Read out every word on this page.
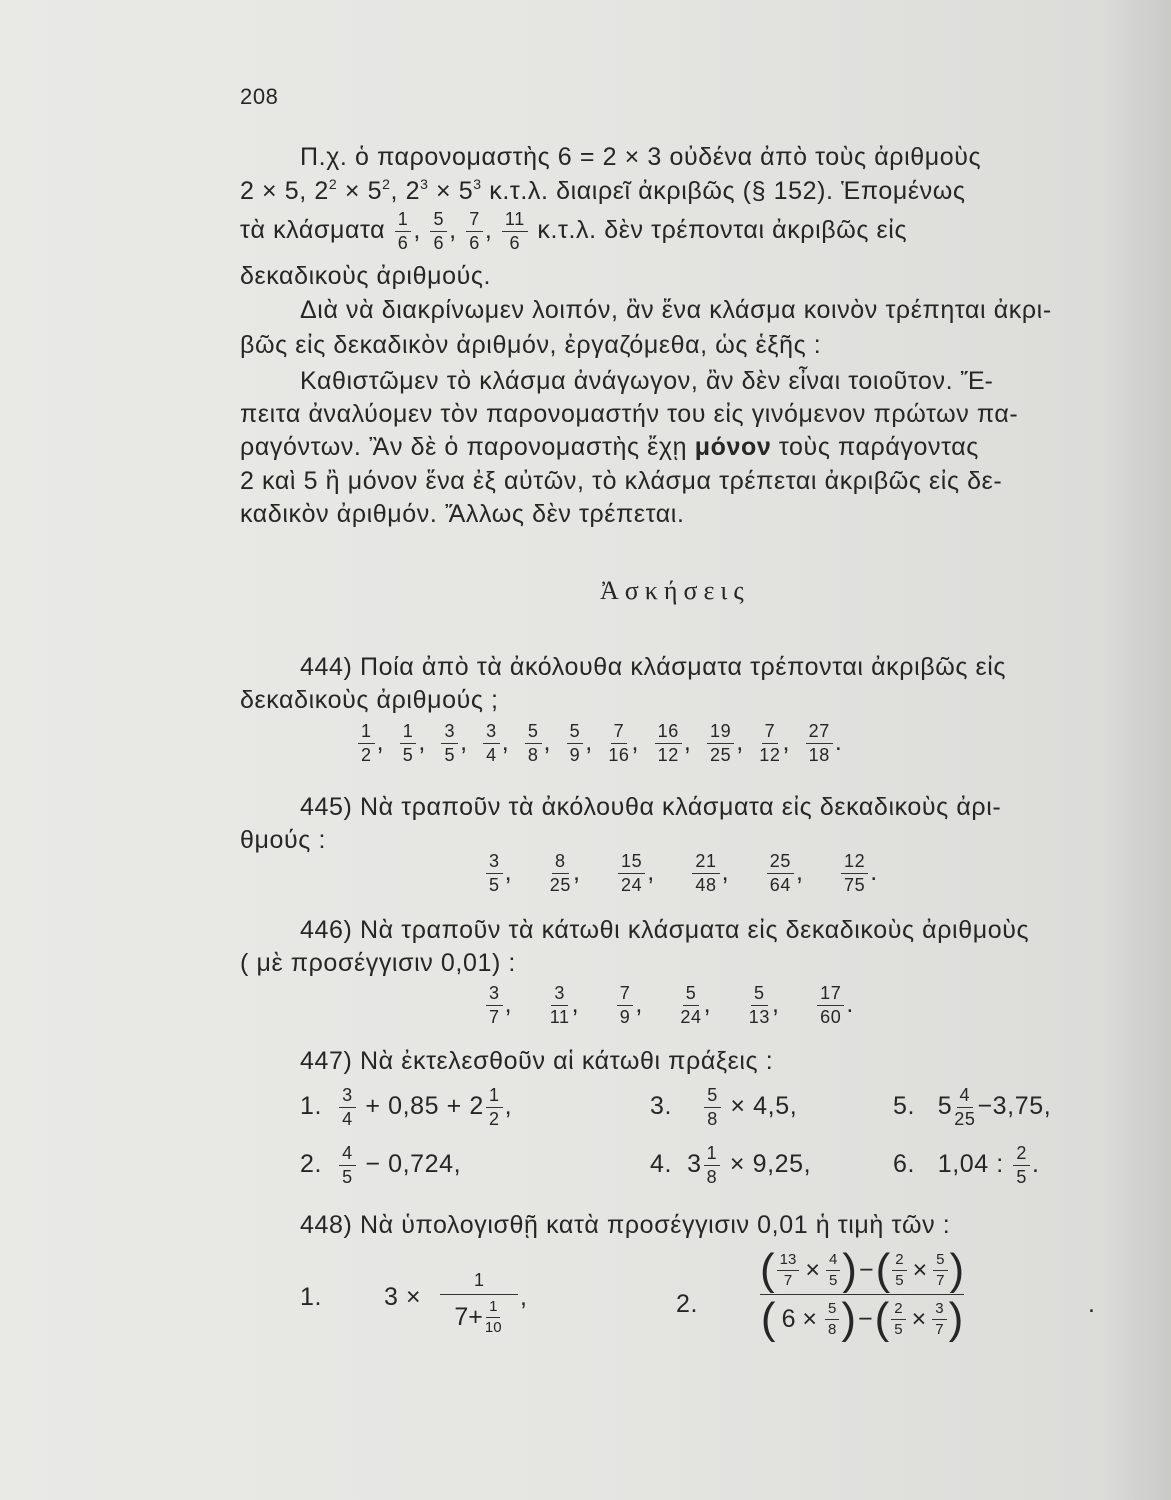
208
Π.χ. ὁ παρονομαστὴς 6 = 2 × 3 οὐδένα ἀπὸ τοὺς ἀριθμοὺς
2 × 5, $2^2 \times 5^2$, $2^3 \times 5^3$ κ.τ.λ. διαιρεῖ ἀκριβῶς (§ 152). Ἑπομένως
τὰ κλάσματα $\frac{1}{6}$ , $\frac{5}{6}$ , $\frac{7}{6}$ , $\frac{11}{6} \kappa.\tau.\lambda$. δὲν τρέπονται ἀκριβῶς εἰς
δεκαδικοὺς ἀριθμούς.
Διὰ νὰ διακρίνωμεν λοιπόν, ἂν ἕνα κλάσμα κοινὸν τρέπηται ἀκρι-
βῶς εἰς δεκαδικὸν ἀριθμόν, ἐργαζόμεθα, ὡς ἑξῆς :
Καθιστῶμεν τὸ κλάσμα ἀνάγωγον, ἂν δὲν εἶναι τοιοῦτον. Ἔ-
πειτα ἀναλύομεν τὸν παρονομαστήν του εἰς γινόμενον πρώτων πα-
ραγόντων. Ἂν δὲ ὁ παρονομαστὴς ἔχῃ μόνον τοὺς παράγοντας
2 καὶ 5 ἢ μόνον ἕνα ἐξ αὐτῶν, τὸ κλάσμα τρέπεται ἀκριβῶς εἰς δε-
καδικὸν ἀριθμόν. Ἄλλως δὲν τρέπεται.
Ἀσκήσεις
444) Ποία ἀπὸ τὰ ἀκόλουθα κλάσματα τρέπονται ἀκριβῶς εἰς
δεκαδικοὺς ἀριθμούς ;
$\frac{1}{2}$ , $\frac{1}{5}$ , $\frac{3}{5}$ , $\frac{3}{4}$ , $\frac{5}{8}$ , $\frac{5}{9}$ , $\frac{7}{16}$ , $\frac{16}{12}$ , $\frac{19}{25}$ , $\frac{7}{12}$ , $\frac{27}{18}$ .
445) Νὰ τραποῦν τὰ ἀκόλουθα κλάσματα εἰς δεκαδικοὺς ἀρι-
θμούς :
$\frac{3}{5}$ , $\frac{8}{25}$ , $\frac{15}{24}$ , $\frac{21}{48}$ , $\frac{25}{64}$ , $\frac{12}{75}$ .
446) Νὰ τραποῦν τὰ κάτωθι κλάσματα εἰς δεκαδικοὺς ἀριθμοὺς
( μὲ προσέγγισιν 0,01) :
$\frac{3}{7}$ , $\frac{3}{11}$ , $\frac{7}{9}$ , $\frac{5}{24}$ , $\frac{5}{13}$ , $\frac{17}{60}$ .
447) Νὰ ἐκτελεσθοῦν αἱ κάτωθι πράξεις :
1. $\frac{3}{4} + 0,85 + 2 \frac{1}{2}$ ,	3. $\frac{5}{8} \times 4,5$,	5. $5 \frac{4}{25} -3,75$,
2. $\frac{4}{5} - 0,724$,	4. $3 \frac{1}{8} \times 9,25$,	6. 1,04 : $\frac{2}{5}$ .
448) Νὰ ὑπολογισθῇ κατὰ προσέγγισιν 0,01 ἡ τιμὴ τῶν :
1. 3 ×
1
$7+ \frac{1}{10}$
,	2.
( $\frac{13}{7} \times \frac{4}{5}$ ) − ( $\frac{2}{5} \times \frac{5}{7}$ )
( $6 \times \frac{5}{8}$ ) − ( $\frac{2}{5} \times \frac{3}{7}$ )	.
